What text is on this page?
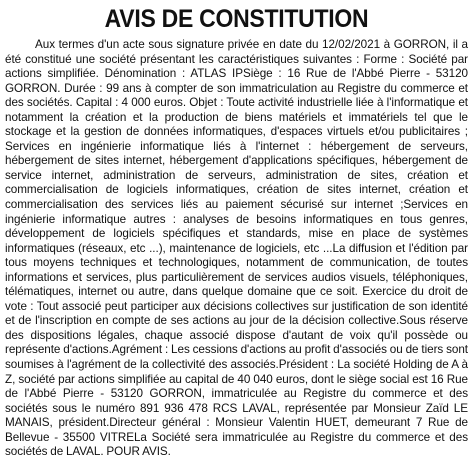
AVIS DE CONSTITUTION

Aux termes d'un acte sous signature privée en date du 12/02/2021 à GORRON, il a été constitué une société présentant les caractéristiques suivantes : Forme : Société par actions simplifiée. Dénomination : ATLAS IPSiège : 16 Rue de l'Abbé Pierre - 53120 GORRON. Durée : 99 ans à compter de son immatriculation au Registre du commerce et des sociétés. Capital : 4 000 euros. Objet : Toute activité industrielle liée à l'informatique et notamment la création et la production de biens matériels et immatériels tel que le stockage et la gestion de données informatiques, d'espaces virtuels et/ou publicitaires ; Services en ingénierie informatique liés à l'internet : hébergement de serveurs, hébergement de sites internet, hébergement d'applications spécifiques, hébergement de service internet, administration de serveurs, administration de sites, création et commercialisation de logiciels informatiques, création de sites internet, création et commercialisation des services liés au paiement sécurisé sur internet ;Services en ingénierie informatique autres : analyses de besoins informatiques en tous genres, développement de logiciels spécifiques et standards, mise en place de systèmes informatiques (réseaux, etc ...), maintenance de logiciels, etc ...La diffusion et l'édition par tous moyens techniques et technologiques, notamment de communication, de toutes informations et services, plus particulièrement de services audios visuels, téléphoniques, télématiques, internet ou autre, dans quelque domaine que ce soit. Exercice du droit de vote : Tout associé peut participer aux décisions collectives sur justification de son identité et de l'inscription en compte de ses actions au jour de la décision collective.Sous réserve des dispositions légales, chaque associé dispose d'autant de voix qu'il possède ou représente d'actions.Agrément : Les cessions d'actions au profit d'associés ou de tiers sont soumises à l'agrément de la collectivité des associés.Président : La société Holding de A à Z, société par actions simplifiée au capital de 40 040 euros, dont le siège social est 16 Rue de l'Abbé Pierre - 53120 GORRON, immatriculée au Registre du commerce et des sociétés sous le numéro 891 936 478 RCS LAVAL, représentée par Monsieur Zaïd LE MANAIS, président.Directeur général : Monsieur Valentin HUET, demeurant 7 Rue de Bellevue - 35500 VITRELa Société sera immatriculée au Registre du commerce et des sociétés de LAVAL. POUR AVIS.
